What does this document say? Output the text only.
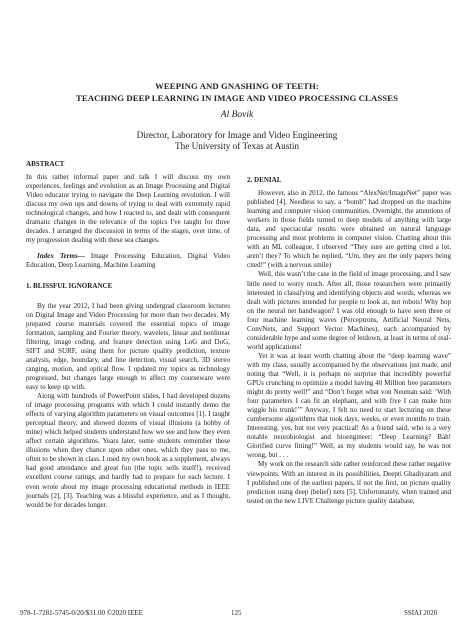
WEEPING AND GNASHING OF TEETH:
TEACHING DEEP LEARNING IN IMAGE AND VIDEO PROCESSING CLASSES
Al Bovik
Director, Laboratory for Image and Video Engineering
The University of Texas at Austin

ABSTRACT

In this rather informal paper and talk I will discuss my own experiences, feelings and evolution as an Image Processing and Digital Video educator trying to navigate the Deep Learning revolution. I will discuss my own ups and downs of trying to deal with extremely rapid technological changes, and how I reacted to, and dealt with consequent dramatic changes in the relevance of the topics I've taught for three decades. I arranged the discussion in terms of the stages, over time, of my progression dealing with these sea changes.

Index Terms— Image Processing Education, Digital Video Education, Deep Learning, Machine Learning

1. BLISSFUL IGNORANCE

By the year 2012, I had been giving undergrad classroom lectures on Digital Image and Video Processing for more than two decades. My prepared course materials covered the essential topics of image formation, sampling and Fourier theory, wavelets, linear and nonlinear filtering, image coding, and feature detection using LoG and DoG, SIFT and SURF, using them for picture quality prediction, texture analysis, edge, boundary, and line detection, visual search, 3D stereo ranging, motion, and optical flow. I updated my topics as technology progressed, but changes large enough to affect my courseware were easy to keep up with.

Along with hundreds of PowerPoint slides, I had developed dozens of image processing programs with which I could instantly demo the effects of varying algorithm parameters on visual outcomes [1]. I taught perceptual theory, and showed dozens of visual illusions (a hobby of mine) which helped students understand how we see and how they even affect certain algorithms. Years later, some students remember these illusions when they chance upon other ones, which they pass to me, often to be shown in class. I used my own book as a supplement, always had good attendance and great fun (the topic sells itself!), received excellent course ratings, and hardly had to prepare for each lecture. I even wrote about my image processing educational methods in IEEE journals [2], [3]. Teaching was a blissful experience, and as I thought, would be for decades longer.

2. DENIAL

However, also in 2012, the famous “AlexNet/ImageNet” paper was published [4]. Needless to say, a “bomb” had dropped on the machine learning and computer vision communities. Overnight, the attentions of workers in those fields turned to deep models of anything with large data, and spectacular results were obtained on natural language processing and most problems in computer vision. Chatting about this with an ML colleague, I observed “They sure are getting cited a lot, aren’t they? To which he replied, “Um, they are the only papers being cited!” (with a nervous smile)

Well, this wasn’t the case in the field of image processing, and I saw little need to worry much. After all, those researchers were primarily interested in classifying and identifying objects and words, whereas we dealt with pictures intended for people to look at, not robots! Why hop on the neural net bandwagon? I was old enough to have seen three or four machine learning waves (Perceptrons, Artificial Neural Nets, ConvNets, and Support Vector Machines), each accompanied by considerable hype and some degree of letdown, at least in terms of real-world applications!

Yet it was at least worth chatting about the “deep learning wave” with my class, usually accompanied by the observations just made, and noting that “Well, it is perhaps no surprise that incredibly powerful GPUs crunching to optimize a model having 40 Million free parameters might do pretty well!” and “Don’t forget what von Neuman said: ‘With four parameters I can fit an elephant, and with five I can make him wiggle his trunk!’” Anyway, I felt no need to start lecturing on these cumbersome algorithms that took days, weeks, or even months to train. Interesting, yes, but not very practical! As a friend said, who is a very notable neurobiologist and bioengineer: “Deep Learning? Bah! Glorified curve fitting!” Well, as my students would say, he was not wrong, but . . .

My work on the research side rather reinforced these rather negative viewpoints. With an interest in its possibilities, Deepti Ghadiyaram and I published one of the earliest papers, if not the first, on picture quality prediction using deep (belief) nets [5]. Unfortunately, when trained and tested on the new LIVE Challenge picture quality database,

978-1-7281-5745-0/20/$31.00 ©2020 IEEE	125	SSIAI 2020
